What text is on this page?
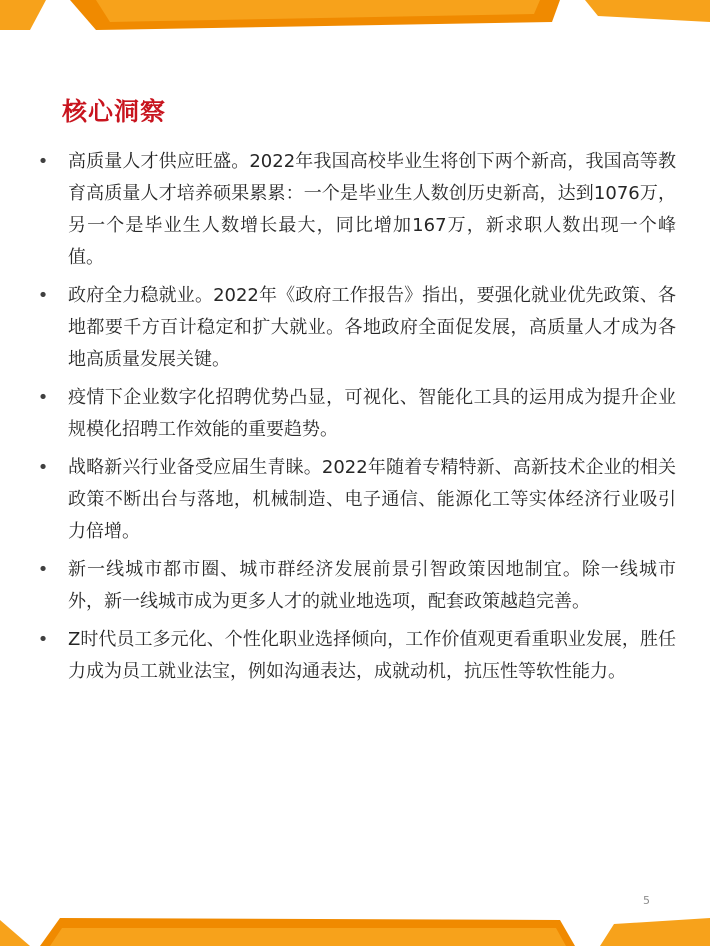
核心洞察
• 高质量人才供应旺盛。2022年我国高校毕业生将创下两个新高，我国高等教育高质量人才培养硕果累累：一个是毕业生人数创历史新高，达到1076万，另一个是毕业生人数增长最大，同比增加167万，新求职人数出现一个峰值。
• 政府全力稳就业。2022年《政府工作报告》指出，要强化就业优先政策、各地都要千方百计稳定和扩大就业。各地政府全面促发展，高质量人才成为各地高质量发展关键。
• 疫情下企业数字化招聘优势凸显，可视化、智能化工具的运用成为提升企业规模化招聘工作效能的重要趋势。
• 战略新兴行业备受应届生青睐。2022年随着专精特新、高新技术企业的相关政策不断出台与落地，机械制造、电子通信、能源化工等实体经济行业吸引力倍增。
• 新一线城市都市圈、城市群经济发展前景引智政策因地制宜。除一线城市外，新一线城市成为更多人才的就业地选项，配套政策越趋完善。
• Z时代员工多元化、个性化职业选择倾向，工作价值观更看重职业发展，胜任力成为员工就业法宝，例如沟通表达，成就动机，抗压性等软性能力。
5
